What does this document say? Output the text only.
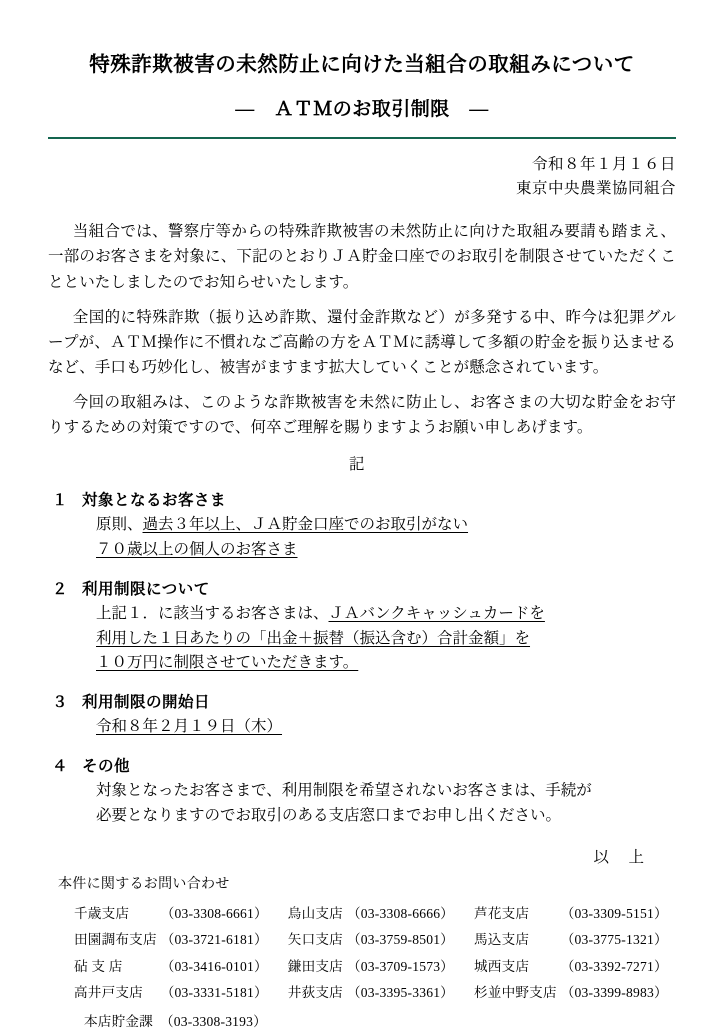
特殊詐欺被害の未然防止に向けた当組合の取組みについて
―　ＡＴＭのお取引制限　―
令和８年１月１６日
東京中央農業協同組合

当組合では、警察庁等からの特殊詐欺被害の未然防止に向けた取組み要請も踏まえ、一部のお客さまを対象に、下記のとおりＪＡ貯金口座でのお取引を制限させていただくことといたしましたのでお知らせいたします。

全国的に特殊詐欺（振り込め詐欺、還付金詐欺など）が多発する中、昨今は犯罪グループが、ＡＴＭ操作に不慣れなご高齢の方をＡＴＭに誘導して多額の貯金を振り込ませるなど、手口も巧妙化し、被害がますます拡大していくことが懸念されています。

今回の取組みは、このような詐欺被害を未然に防止し、お客さまの大切な貯金をお守りするための対策ですので、何卒ご理解を賜りますようお願い申しあげます。

記
１ 対象となるお客さま
原則、過去３年以上、ＪＡ貯金口座でのお取引がない
７０歳以上の個人のお客さま
２ 利用制限について
上記１．に該当するお客さまは、ＪＡバンクキャッシュカードを
利用した１日あたりの「出金＋振替（振込含む）合計金額」を
１０万円に制限させていただきます。
３ 利用制限の開始日
令和８年２月１９日（木）
４ その他
対象となったお客さまで、利用制限を希望されないお客さまは、手続が
必要となりますのでお取引のある支店窓口までお申し出ください。
以　上
本件に関するお問い合わせ
千歳支店	（03-3308-6661）	烏山支店	（03-3308-6666）	芦花支店	（03-3309-5151）
田園調布支店	（03-3721-6181）	矢口支店	（03-3759-8501）	馬込支店	（03-3775-1321）
砧 支 店	（03-3416-0101）	鎌田支店	（03-3709-1573）	城西支店	（03-3392-7271）
高井戸支店	（03-3331-5181）	井荻支店	（03-3395-3361）	杉並中野支店	（03-3399-8983）
本店貯金課　（03-3308-3193）
